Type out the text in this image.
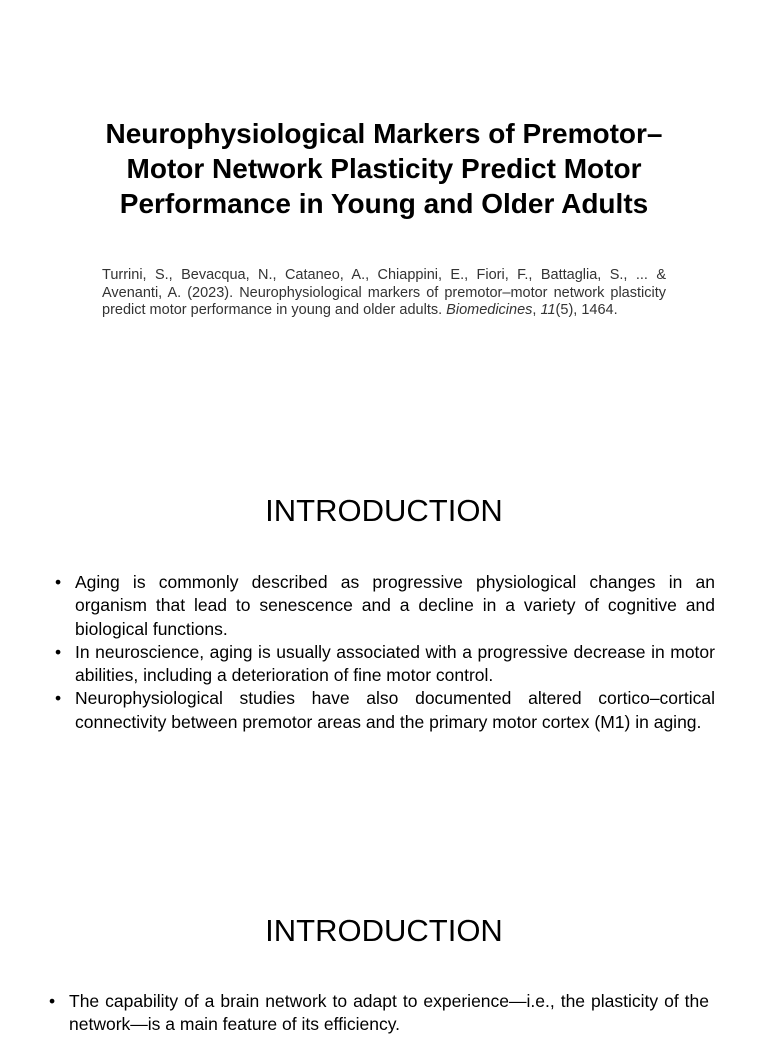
Neurophysiological Markers of Premotor–Motor Network Plasticity Predict Motor Performance in Young and Older Adults

Turrini, S., Bevacqua, N., Cataneo, A., Chiappini, E., Fiori, F., Battaglia, S., ... & Avenanti, A. (2023). Neurophysiological markers of premotor–motor network plasticity predict motor performance in young and older adults. Biomedicines, 11(5), 1464.

INTRODUCTION
• Aging is commonly described as progressive physiological changes in an organism that lead to senescence and a decline in a variety of cognitive and biological functions.
• In neuroscience, aging is usually associated with a progressive decrease in motor abilities, including a deterioration of fine motor control.
• Neurophysiological studies have also documented altered cortico–cortical connectivity between premotor areas and the primary motor cortex (M1) in aging.
INTRODUCTION
• The capability of a brain network to adapt to experience—i.e., the plasticity of the network—is a main feature of its efficiency.
